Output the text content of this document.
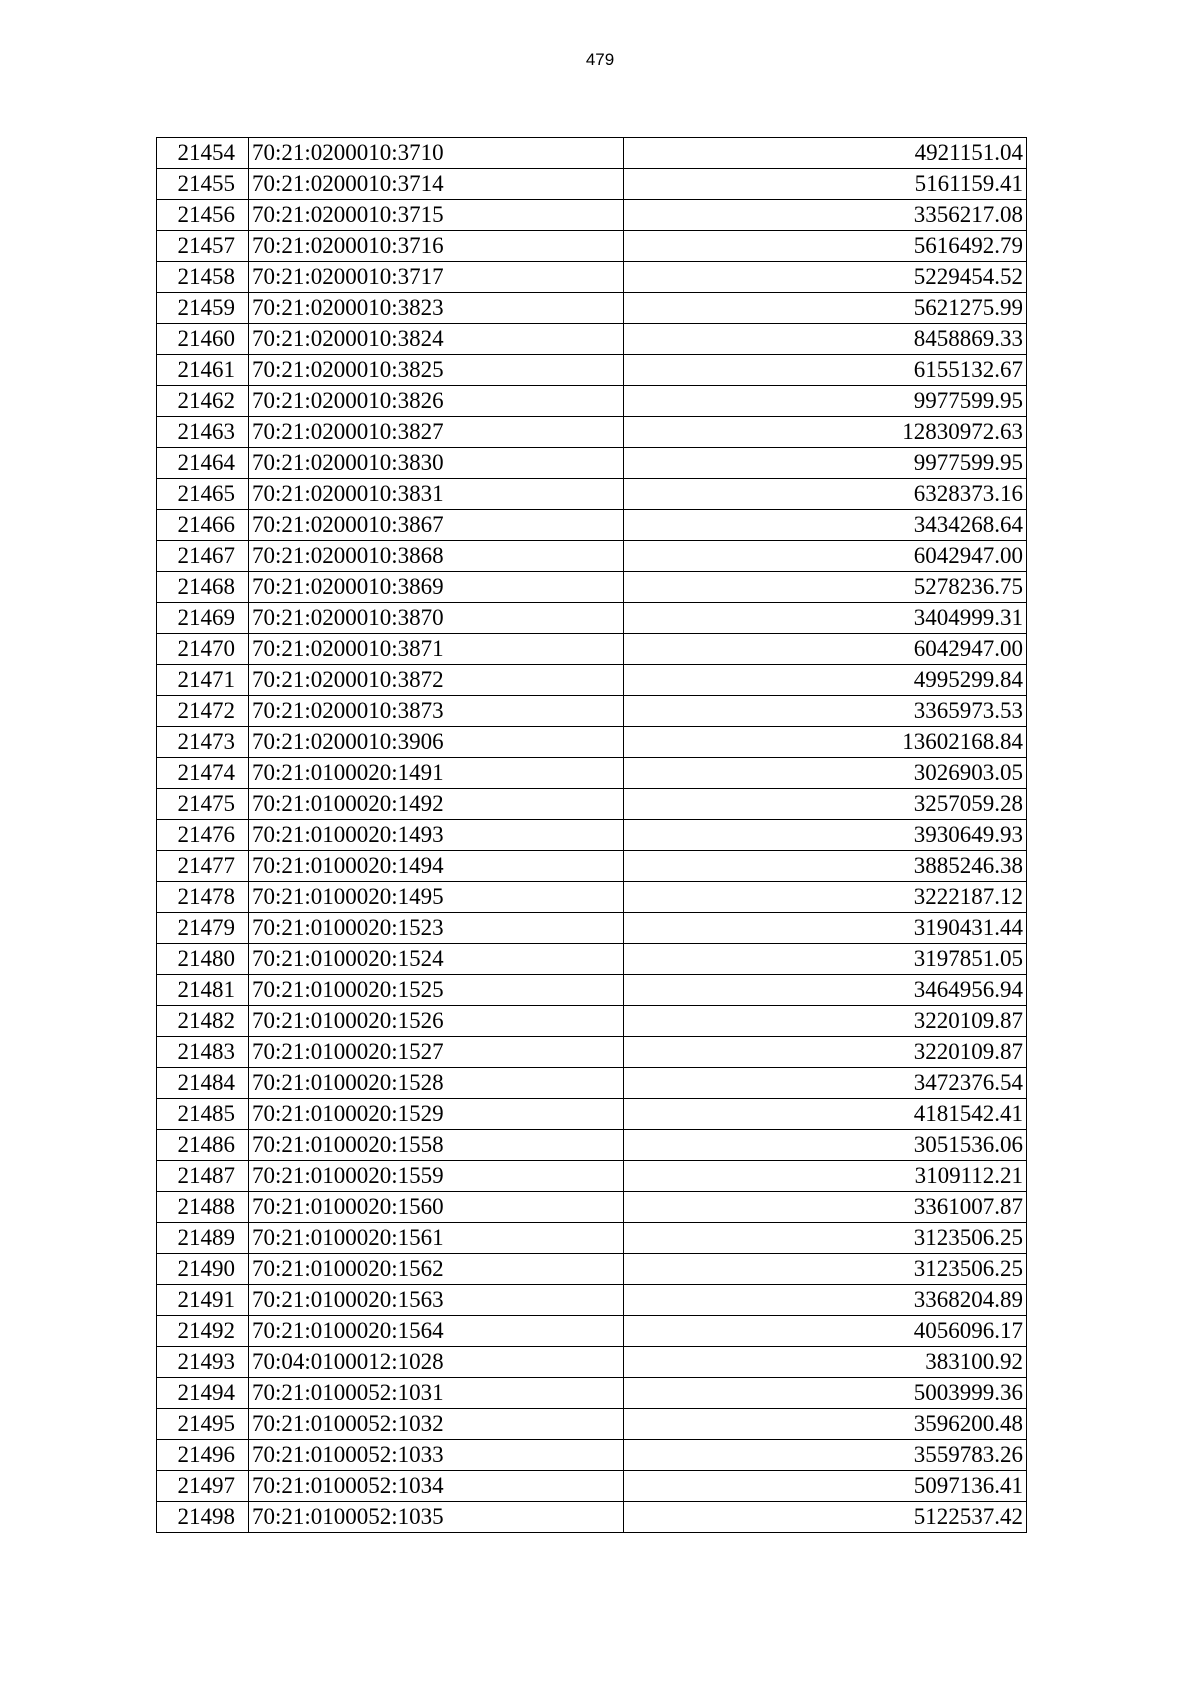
479
21454	70:21:0200010:3710	4921151.04
21455	70:21:0200010:3714	5161159.41
21456	70:21:0200010:3715	3356217.08
21457	70:21:0200010:3716	5616492.79
21458	70:21:0200010:3717	5229454.52
21459	70:21:0200010:3823	5621275.99
21460	70:21:0200010:3824	8458869.33
21461	70:21:0200010:3825	6155132.67
21462	70:21:0200010:3826	9977599.95
21463	70:21:0200010:3827	12830972.63
21464	70:21:0200010:3830	9977599.95
21465	70:21:0200010:3831	6328373.16
21466	70:21:0200010:3867	3434268.64
21467	70:21:0200010:3868	6042947.00
21468	70:21:0200010:3869	5278236.75
21469	70:21:0200010:3870	3404999.31
21470	70:21:0200010:3871	6042947.00
21471	70:21:0200010:3872	4995299.84
21472	70:21:0200010:3873	3365973.53
21473	70:21:0200010:3906	13602168.84
21474	70:21:0100020:1491	3026903.05
21475	70:21:0100020:1492	3257059.28
21476	70:21:0100020:1493	3930649.93
21477	70:21:0100020:1494	3885246.38
21478	70:21:0100020:1495	3222187.12
21479	70:21:0100020:1523	3190431.44
21480	70:21:0100020:1524	3197851.05
21481	70:21:0100020:1525	3464956.94
21482	70:21:0100020:1526	3220109.87
21483	70:21:0100020:1527	3220109.87
21484	70:21:0100020:1528	3472376.54
21485	70:21:0100020:1529	4181542.41
21486	70:21:0100020:1558	3051536.06
21487	70:21:0100020:1559	3109112.21
21488	70:21:0100020:1560	3361007.87
21489	70:21:0100020:1561	3123506.25
21490	70:21:0100020:1562	3123506.25
21491	70:21:0100020:1563	3368204.89
21492	70:21:0100020:1564	4056096.17
21493	70:04:0100012:1028	383100.92
21494	70:21:0100052:1031	5003999.36
21495	70:21:0100052:1032	3596200.48
21496	70:21:0100052:1033	3559783.26
21497	70:21:0100052:1034	5097136.41
21498	70:21:0100052:1035	5122537.42
